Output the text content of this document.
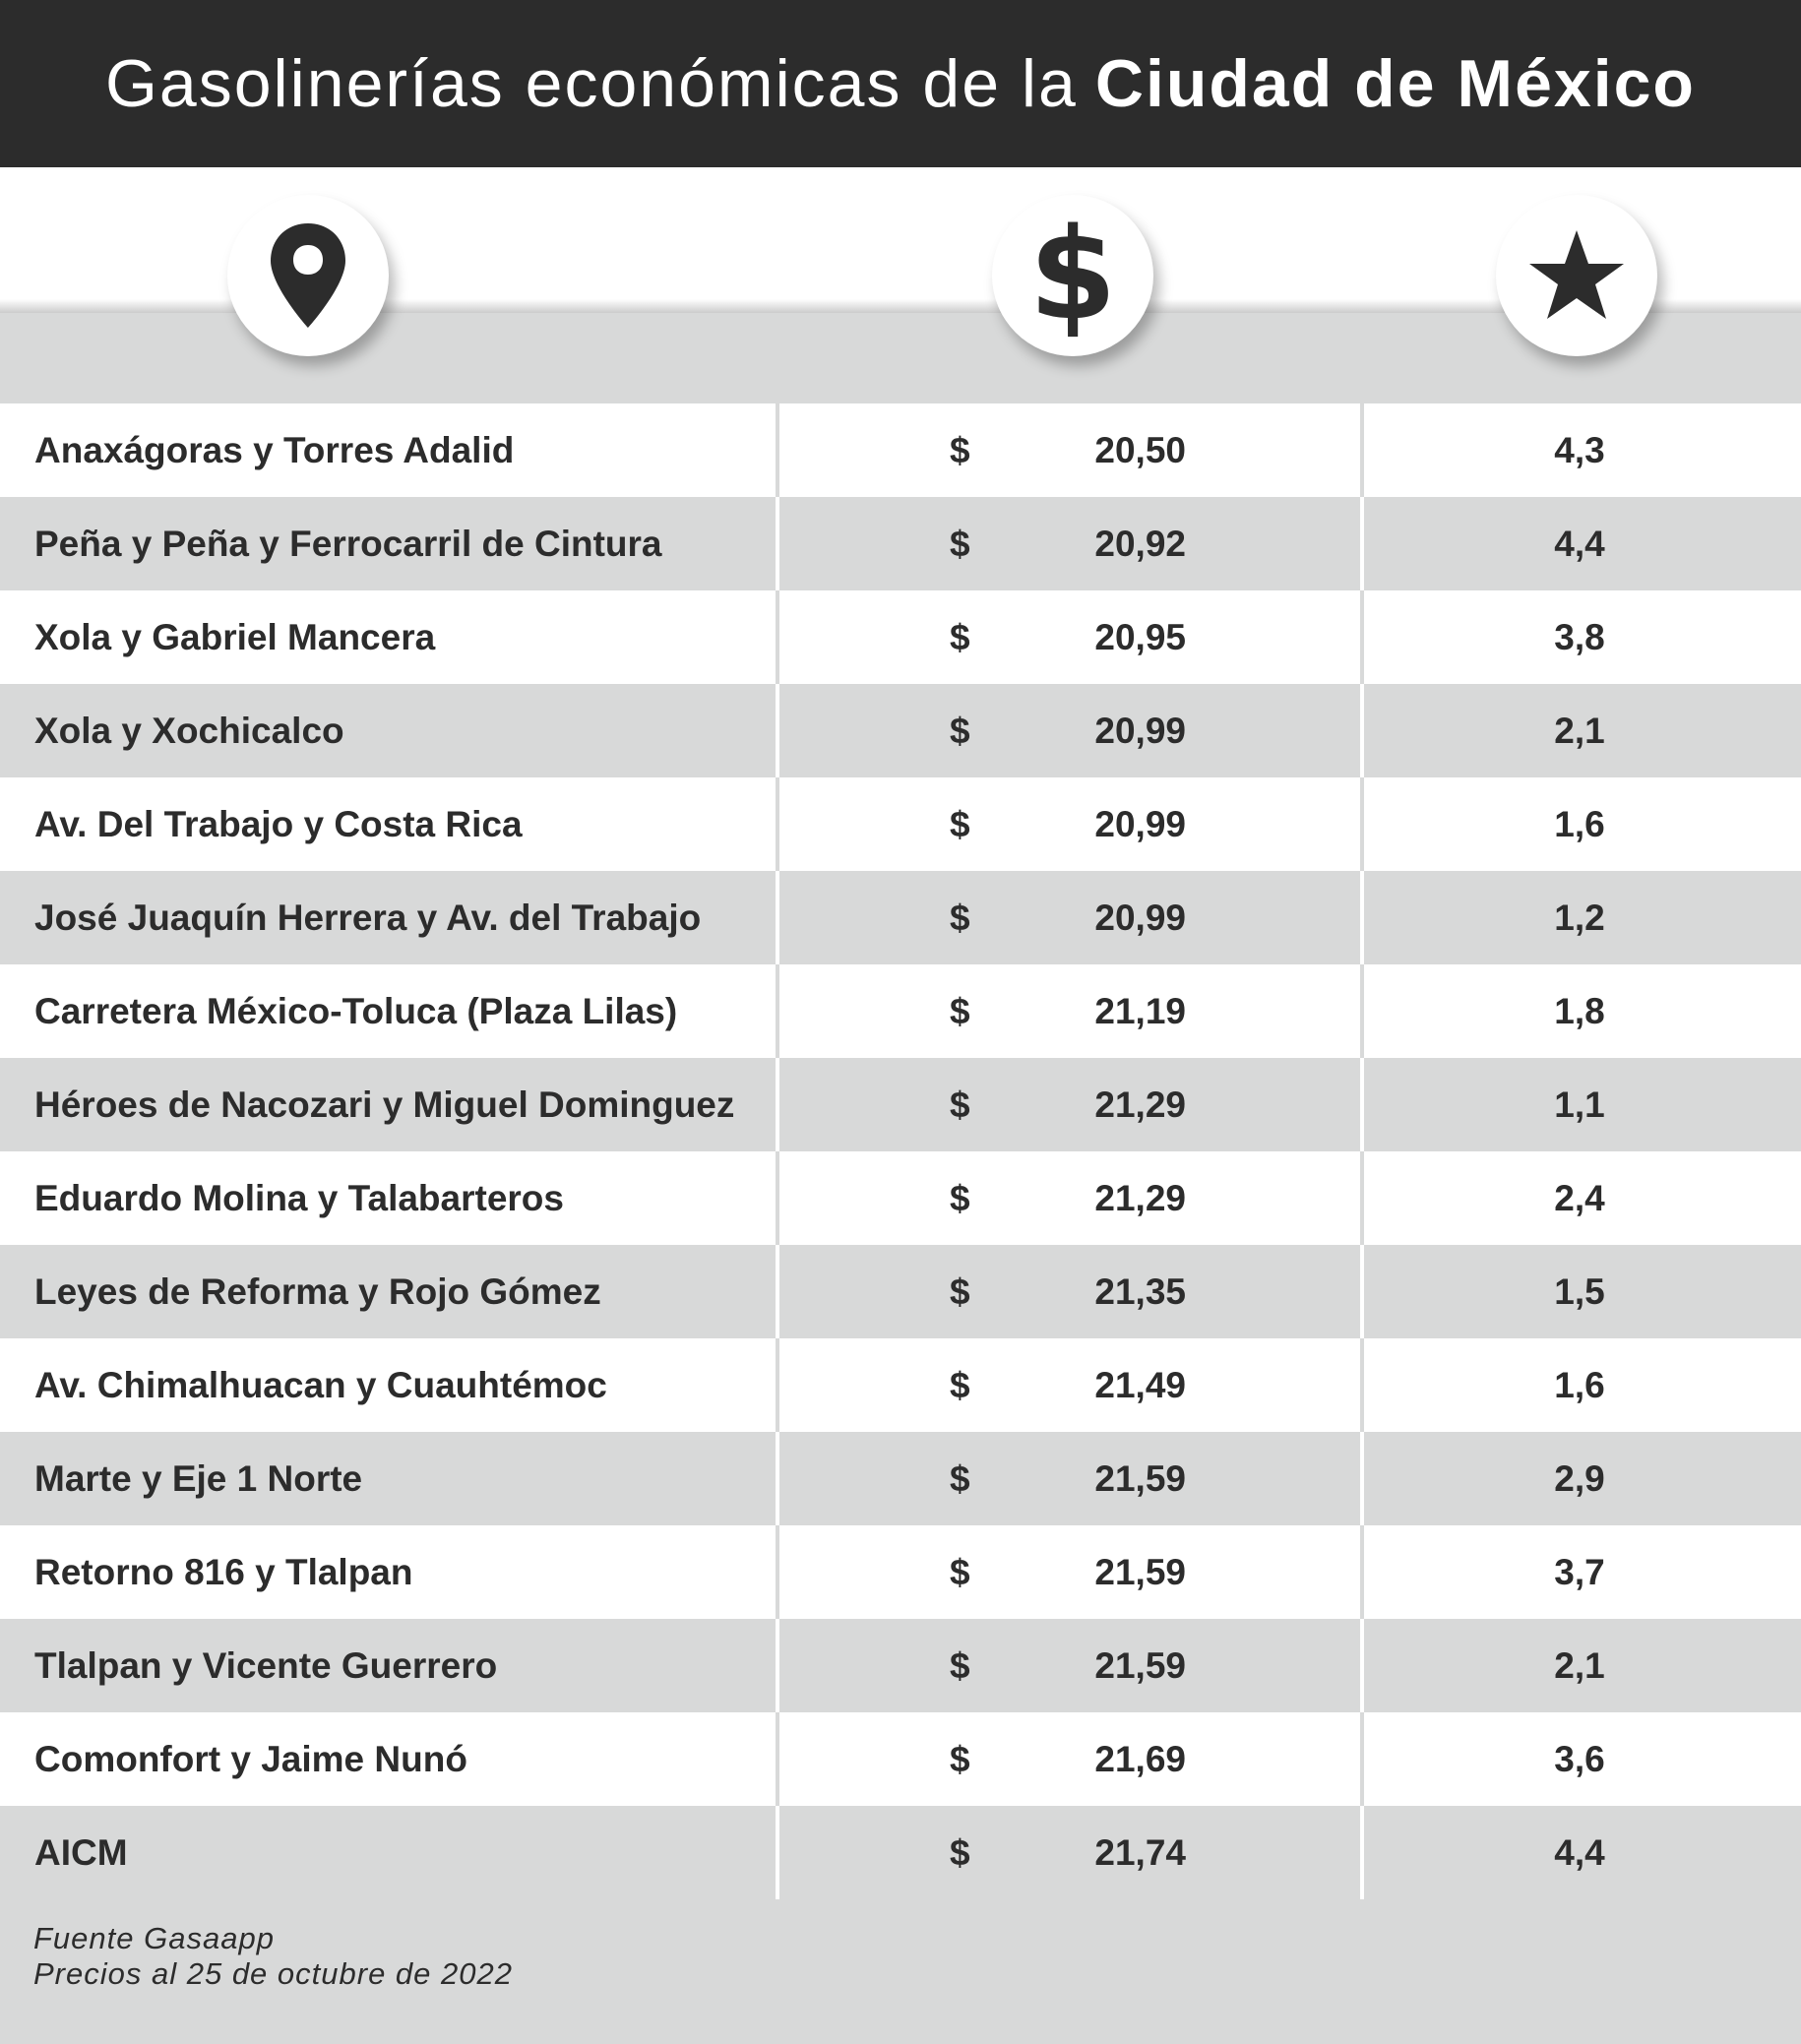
Gasolinerías económicas de la Ciudad de México
$
Anaxágoras y Torres Adalid	$	20,50	4,3
Peña y Peña y Ferrocarril de Cintura	$	20,92	4,4
Xola y Gabriel Mancera	$	20,95	3,8
Xola y Xochicalco	$	20,99	2,1
Av. Del Trabajo y Costa Rica	$	20,99	1,6
José Juaquín Herrera y Av. del Trabajo	$	20,99	1,2
Carretera México-Toluca (Plaza Lilas)	$	21,19	1,8
Héroes de Nacozari y Miguel Dominguez	$	21,29	1,1
Eduardo Molina y Talabarteros	$	21,29	2,4
Leyes de Reforma y Rojo Gómez	$	21,35	1,5
Av. Chimalhuacan y Cuauhtémoc	$	21,49	1,6
Marte y Eje 1 Norte	$	21,59	2,9
Retorno 816 y Tlalpan	$	21,59	3,7
Tlalpan y Vicente Guerrero	$	21,59	2,1
Comonfort y Jaime Nunó	$	21,69	3,6
AICM	$	21,74	4,4
Fuente Gasaapp
Precios al 25 de octubre de 2022
